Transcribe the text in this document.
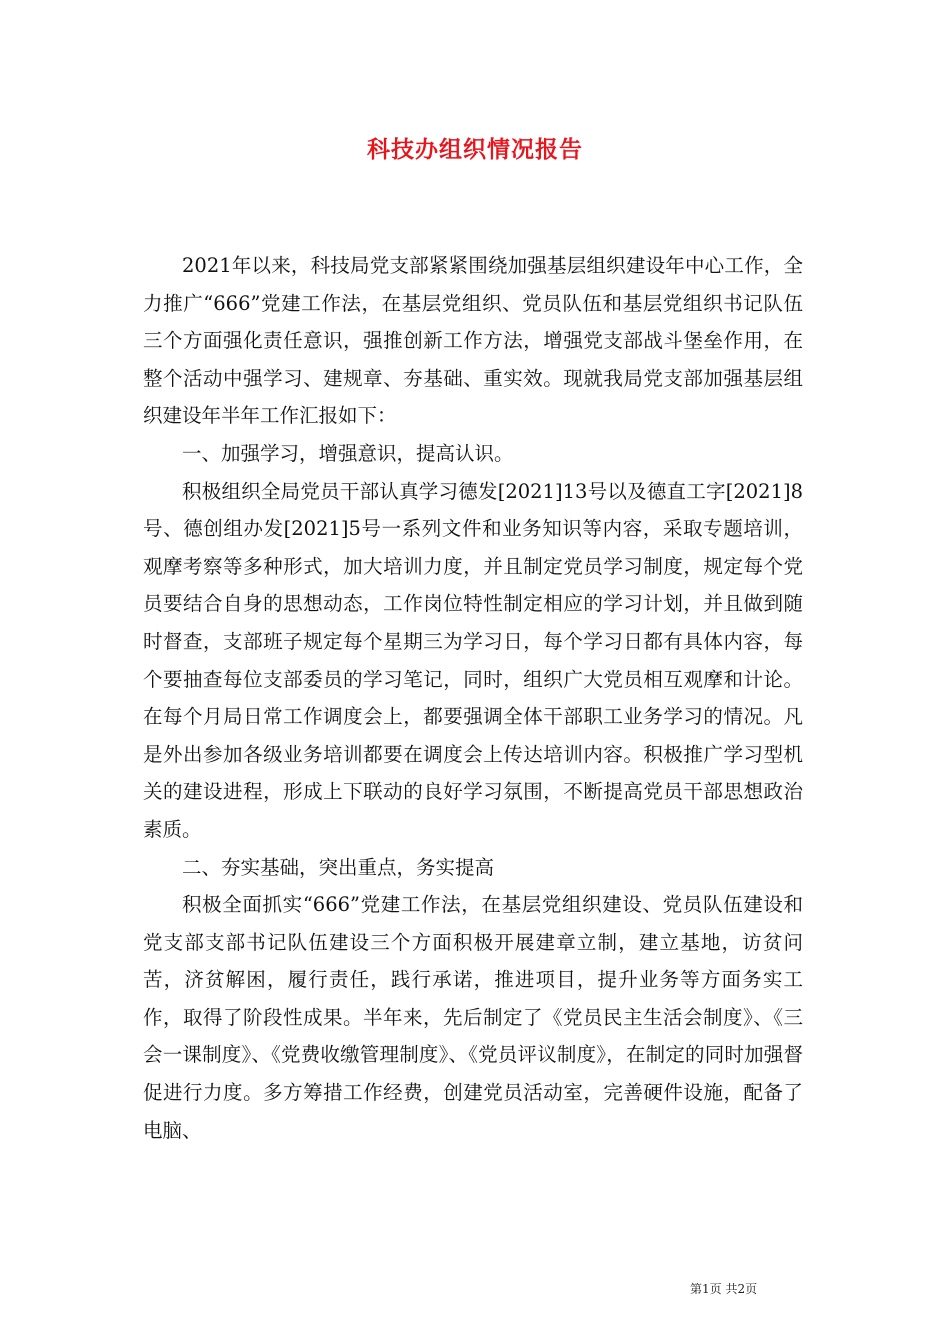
科技办组织情况报告

2021年以来，科技局党支部紧紧围绕加强基层组织建设年中心工作，全力推广“666”党建工作法，在基层党组织、党员队伍和基层党组织书记队伍三个方面强化责任意识，强推创新工作方法，增强党支部战斗堡垒作用，在整个活动中强学习、建规章、夯基础、重实效。现就我局党支部加强基层组织建设年半年工作汇报如下：

一、加强学习，增强意识，提高认识。

积极组织全局党员干部认真学习德发[2021]13号以及德直工字[2021]8号、德创组办发[2021]5号一系列文件和业务知识等内容，采取专题培训，观摩考察等多种形式，加大培训力度，并且制定党员学习制度，规定每个党员要结合自身的思想动态，工作岗位特性制定相应的学习计划，并且做到随时督查，支部班子规定每个星期三为学习日，每个学习日都有具体内容，每个要抽查每位支部委员的学习笔记，同时，组织广大党员相互观摩和计论。在每个月局日常工作调度会上，都要强调全体干部职工业务学习的情况。凡是外出参加各级业务培训都要在调度会上传达培训内容。积极推广学习型机关的建设进程，形成上下联动的良好学习氛围，不断提高党员干部思想政治素质。

二、夯实基础，突出重点，务实提高

积极全面抓实“666”党建工作法，在基层党组织建设、党员队伍建设和党支部支部书记队伍建设三个方面积极开展建章立制，建立基地，访贫问苦，济贫解困，履行责任，践行承诺，推进项目，提升业务等方面务实工作，取得了阶段性成果。半年来，先后制定了《党员民主生活会制度》、《三会一课制度》、《党费收缴管理制度》、《党员评议制度》，在制定的同时加强督促进行力度。多方筹措工作经费，创建党员活动室，完善硬件设施，配备了电脑、

第1页 共2页
